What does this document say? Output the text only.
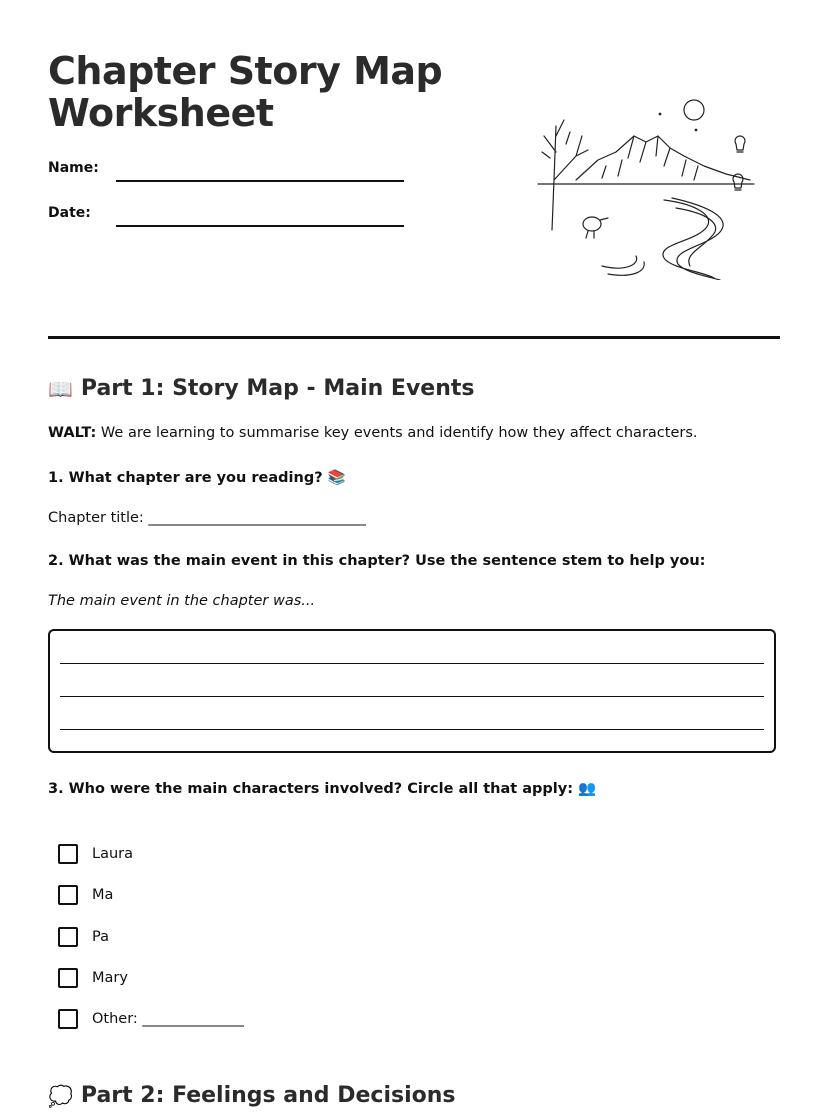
Chapter Story Map
Worksheet
Name:
Date:
📖 Part 1: Story Map - Main Events
WALT: We are learning to summarise key events and identify how they affect characters.
1. What chapter are you reading? 📚
Chapter title: ______________________________
2. What was the main event in this chapter? Use the sentence stem to help you:
The main event in the chapter was...
3. Who were the main characters involved? Circle all that apply: 👥
Laura
Ma
Pa
Mary
Other: ______________
💭 Part 2: Feelings and Decisions
